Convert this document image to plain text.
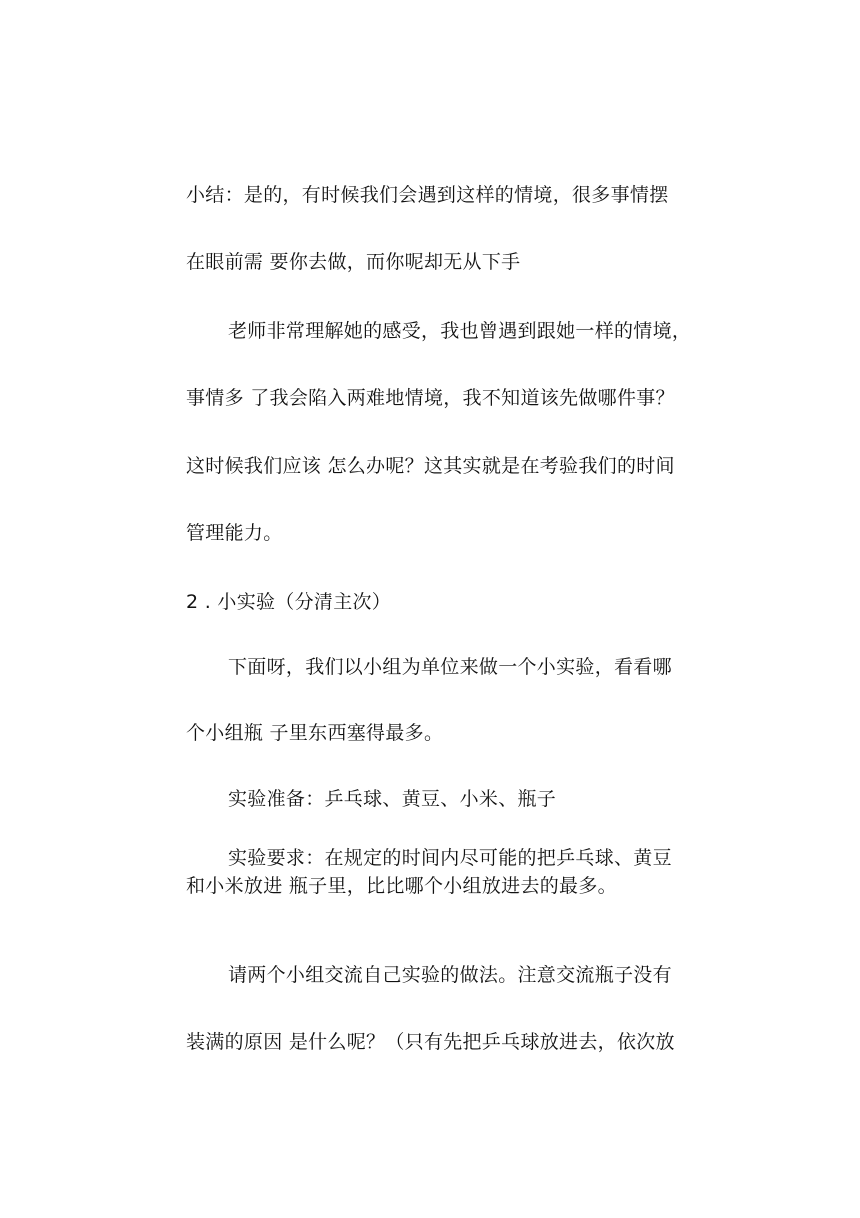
小结：是的，有时候我们会遇到这样的情境，很多事情摆
在眼前需 要你去做，而你呢却无从下手
老师非常理解她的感受，我也曾遇到跟她一样的情境，
事情多 了我会陷入两难地情境，我不知道该先做哪件事？
这时候我们应该 怎么办呢？这其实就是在考验我们的时间
管理能力。
2 . 小实验（分清主次）
下面呀，我们以小组为单位来做一个小实验，看看哪
个小组瓶 子里东西塞得最多。
实验准备：乒乓球、黄豆、小米、瓶子
实验要求：在规定的时间内尽可能的把乒乓球、黄豆
和小米放进 瓶子里，比比哪个小组放进去的最多。
请两个小组交流自己实验的做法。注意交流瓶子没有
装满的原因 是什么呢？（只有先把乒乓球放进去，依次放
